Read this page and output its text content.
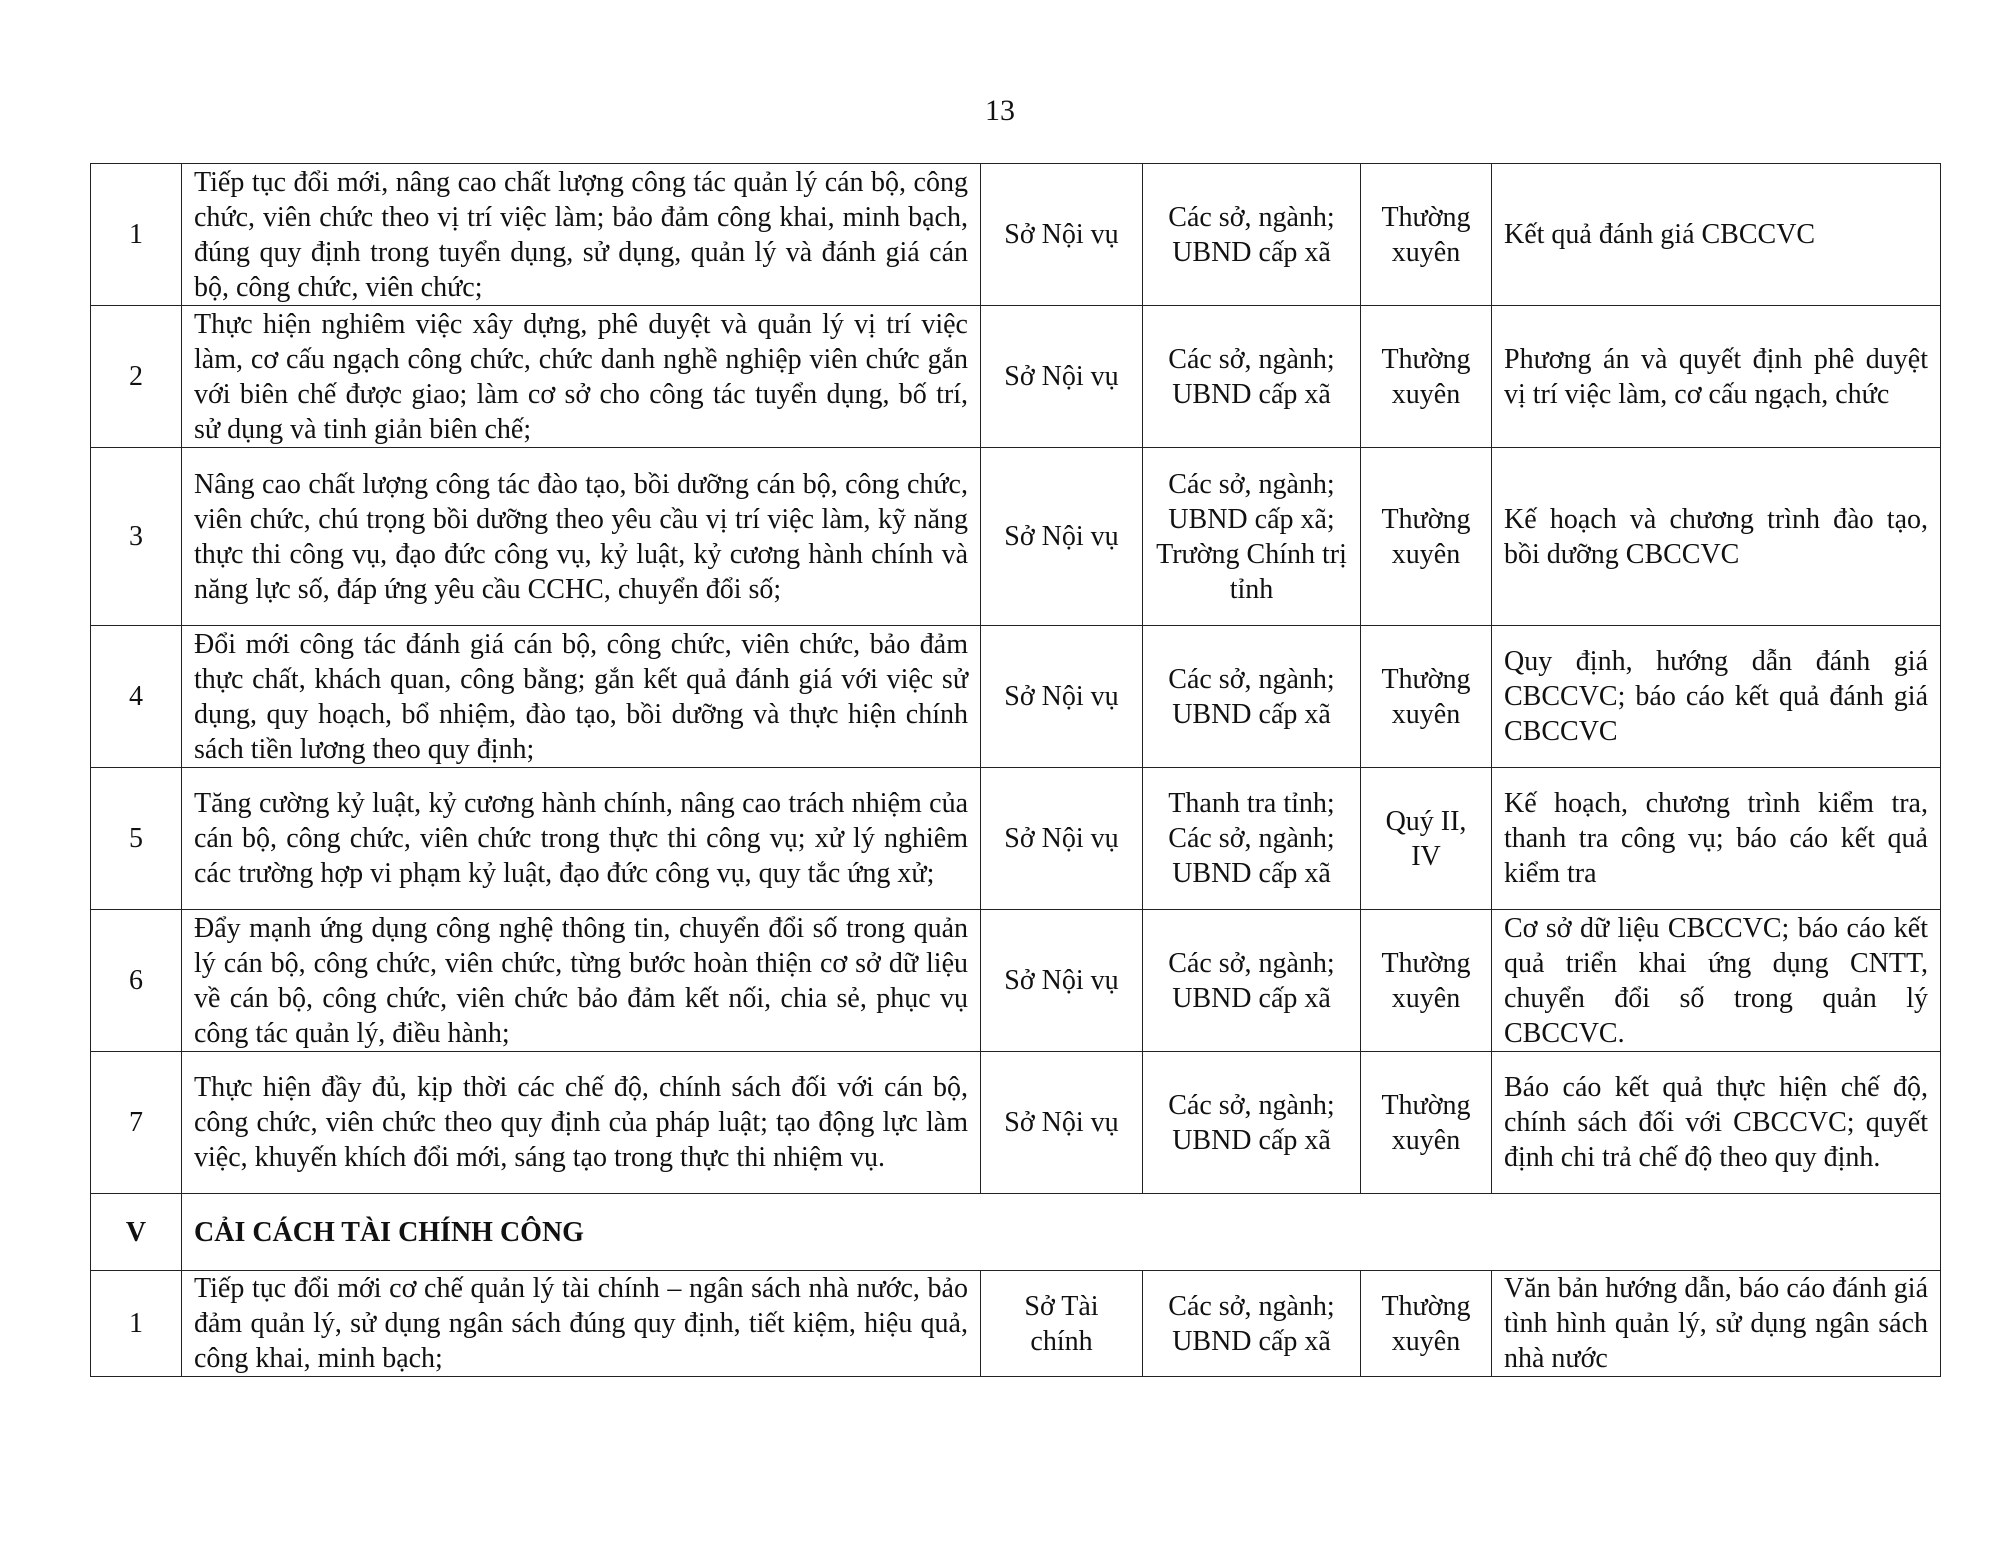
13
1	Tiếp tục đổi mới, nâng cao chất lượng công tác quản lý cán bộ, công chức, viên chức theo vị trí việc làm; bảo đảm công khai, minh bạch, đúng quy định trong tuyển dụng, sử dụng, quản lý và đánh giá cán bộ, công chức, viên chức;	Sở Nội vụ	Các sở, ngành; UBND cấp xã	Thường xuyên	Kết quả đánh giá CBCCVC
2	Thực hiện nghiêm việc xây dựng, phê duyệt và quản lý vị trí việc làm, cơ cấu ngạch công chức, chức danh nghề nghiệp viên chức gắn với biên chế được giao; làm cơ sở cho công tác tuyển dụng, bố trí, sử dụng và tinh giản biên chế;	Sở Nội vụ	Các sở, ngành; UBND cấp xã	Thường xuyên	Phương án và quyết định phê duyệt vị trí việc làm, cơ cấu ngạch, chức
3	Nâng cao chất lượng công tác đào tạo, bồi dưỡng cán bộ, công chức, viên chức, chú trọng bồi dưỡng theo yêu cầu vị trí việc làm, kỹ năng thực thi công vụ, đạo đức công vụ, kỷ luật, kỷ cương hành chính và năng lực số, đáp ứng yêu cầu CCHC, chuyển đổi số;	Sở Nội vụ	Các sở, ngành; UBND cấp xã; Trường Chính trị tỉnh	Thường xuyên	Kế hoạch và chương trình đào tạo, bồi dưỡng CBCCVC
4	Đổi mới công tác đánh giá cán bộ, công chức, viên chức, bảo đảm thực chất, khách quan, công bằng; gắn kết quả đánh giá với việc sử dụng, quy hoạch, bổ nhiệm, đào tạo, bồi dưỡng và thực hiện chính sách tiền lương theo quy định;	Sở Nội vụ	Các sở, ngành; UBND cấp xã	Thường xuyên	Quy định, hướng dẫn đánh giá CBCCVC; báo cáo kết quả đánh giá CBCCVC
5	Tăng cường kỷ luật, kỷ cương hành chính, nâng cao trách nhiệm của cán bộ, công chức, viên chức trong thực thi công vụ; xử lý nghiêm các trường hợp vi phạm kỷ luật, đạo đức công vụ, quy tắc ứng xử;	Sở Nội vụ	Thanh tra tỉnh; Các sở, ngành; UBND cấp xã	Quý II, IV	Kế hoạch, chương trình kiểm tra, thanh tra công vụ; báo cáo kết quả kiểm tra
6	Đẩy mạnh ứng dụng công nghệ thông tin, chuyển đổi số trong quản lý cán bộ, công chức, viên chức, từng bước hoàn thiện cơ sở dữ liệu về cán bộ, công chức, viên chức bảo đảm kết nối, chia sẻ, phục vụ công tác quản lý, điều hành;	Sở Nội vụ	Các sở, ngành; UBND cấp xã	Thường xuyên	Cơ sở dữ liệu CBCCVC; báo cáo kết quả triển khai ứng dụng CNTT, chuyển đổi số trong quản lý CBCCVC.
7	Thực hiện đầy đủ, kịp thời các chế độ, chính sách đối với cán bộ, công chức, viên chức theo quy định của pháp luật; tạo động lực làm việc, khuyến khích đổi mới, sáng tạo trong thực thi nhiệm vụ.	Sở Nội vụ	Các sở, ngành; UBND cấp xã	Thường xuyên	Báo cáo kết quả thực hiện chế độ, chính sách đối với CBCCVC; quyết định chi trả chế độ theo quy định.
V	CẢI CÁCH TÀI CHÍNH CÔNG				
1	Tiếp tục đổi mới cơ chế quản lý tài chính – ngân sách nhà nước, bảo đảm quản lý, sử dụng ngân sách đúng quy định, tiết kiệm, hiệu quả, công khai, minh bạch;	Sở Tài chính	Các sở, ngành; UBND cấp xã	Thường xuyên	Văn bản hướng dẫn, báo cáo đánh giá tình hình quản lý, sử dụng ngân sách nhà nước
